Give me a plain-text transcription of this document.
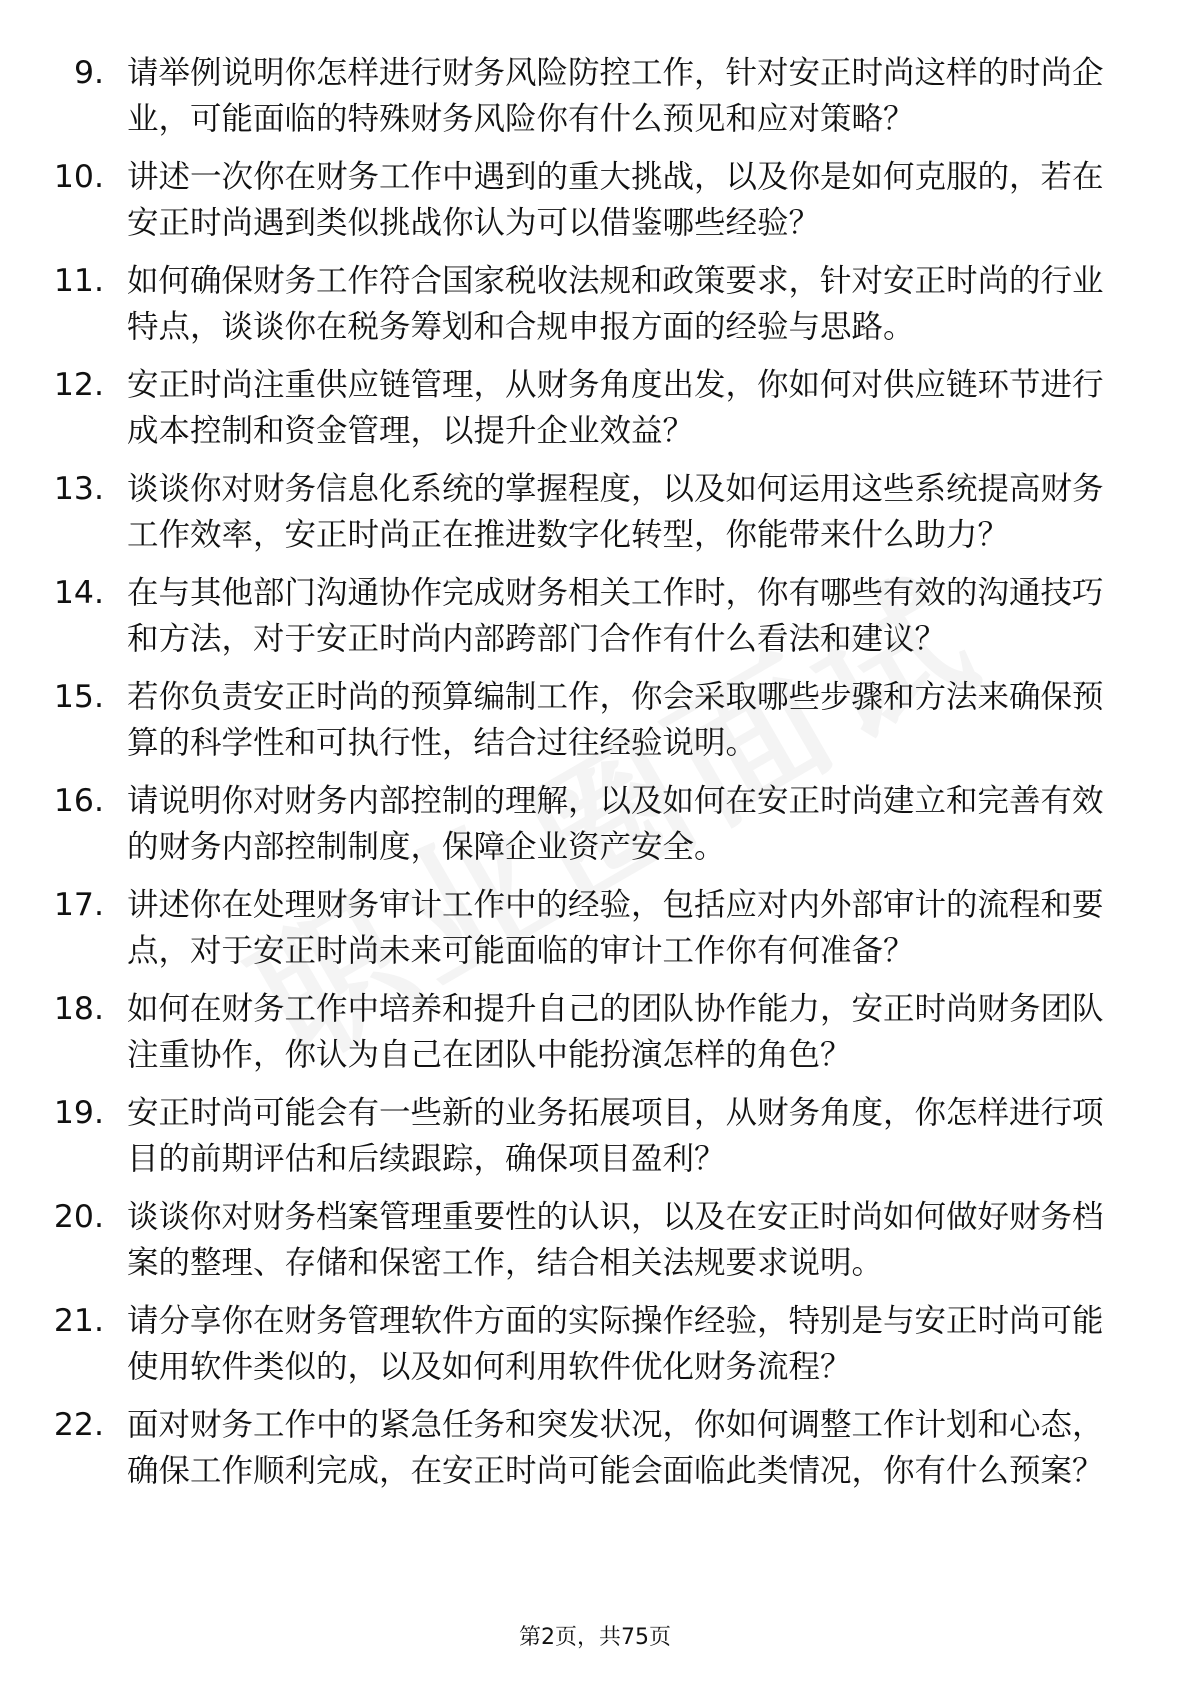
9. 请举例说明你怎样进行财务风险防控工作，针对安正时尚这样的时尚企业，可能面临的特殊财务风险你有什么预见和应对策略？
10. 讲述一次你在财务工作中遇到的重大挑战，以及你是如何克服的，若在安正时尚遇到类似挑战你认为可以借鉴哪些经验？
11. 如何确保财务工作符合国家税收法规和政策要求，针对安正时尚的行业特点，谈谈你在税务筹划和合规申报方面的经验与思路。
12. 安正时尚注重供应链管理，从财务角度出发，你如何对供应链环节进行成本控制和资金管理，以提升企业效益？
13. 谈谈你对财务信息化系统的掌握程度，以及如何运用这些系统提高财务工作效率，安正时尚正在推进数字化转型，你能带来什么助力？
14. 在与其他部门沟通协作完成财务相关工作时，你有哪些有效的沟通技巧和方法，对于安正时尚内部跨部门合作有什么看法和建议？
15. 若你负责安正时尚的预算编制工作，你会采取哪些步骤和方法来确保预算的科学性和可执行性，结合过往经验说明。
16. 请说明你对财务内部控制的理解，以及如何在安正时尚建立和完善有效的财务内部控制制度，保障企业资产安全。
17. 讲述你在处理财务审计工作中的经验，包括应对内外部审计的流程和要点，对于安正时尚未来可能面临的审计工作你有何准备？
18. 如何在财务工作中培养和提升自己的团队协作能力，安正时尚财务团队注重协作，你认为自己在团队中能扮演怎样的角色？
19. 安正时尚可能会有一些新的业务拓展项目，从财务角度，你怎样进行项目的前期评估和后续跟踪，确保项目盈利？
20. 谈谈你对财务档案管理重要性的认识，以及在安正时尚如何做好财务档案的整理、存储和保密工作，结合相关法规要求说明。
21. 请分享你在财务管理软件方面的实际操作经验，特别是与安正时尚可能使用软件类似的，以及如何利用软件优化财务流程？
22. 面对财务工作中的紧急任务和突发状况，你如何调整工作计划和心态，确保工作顺利完成，在安正时尚可能会面临此类情况，你有什么预案？
第2页，共75页
